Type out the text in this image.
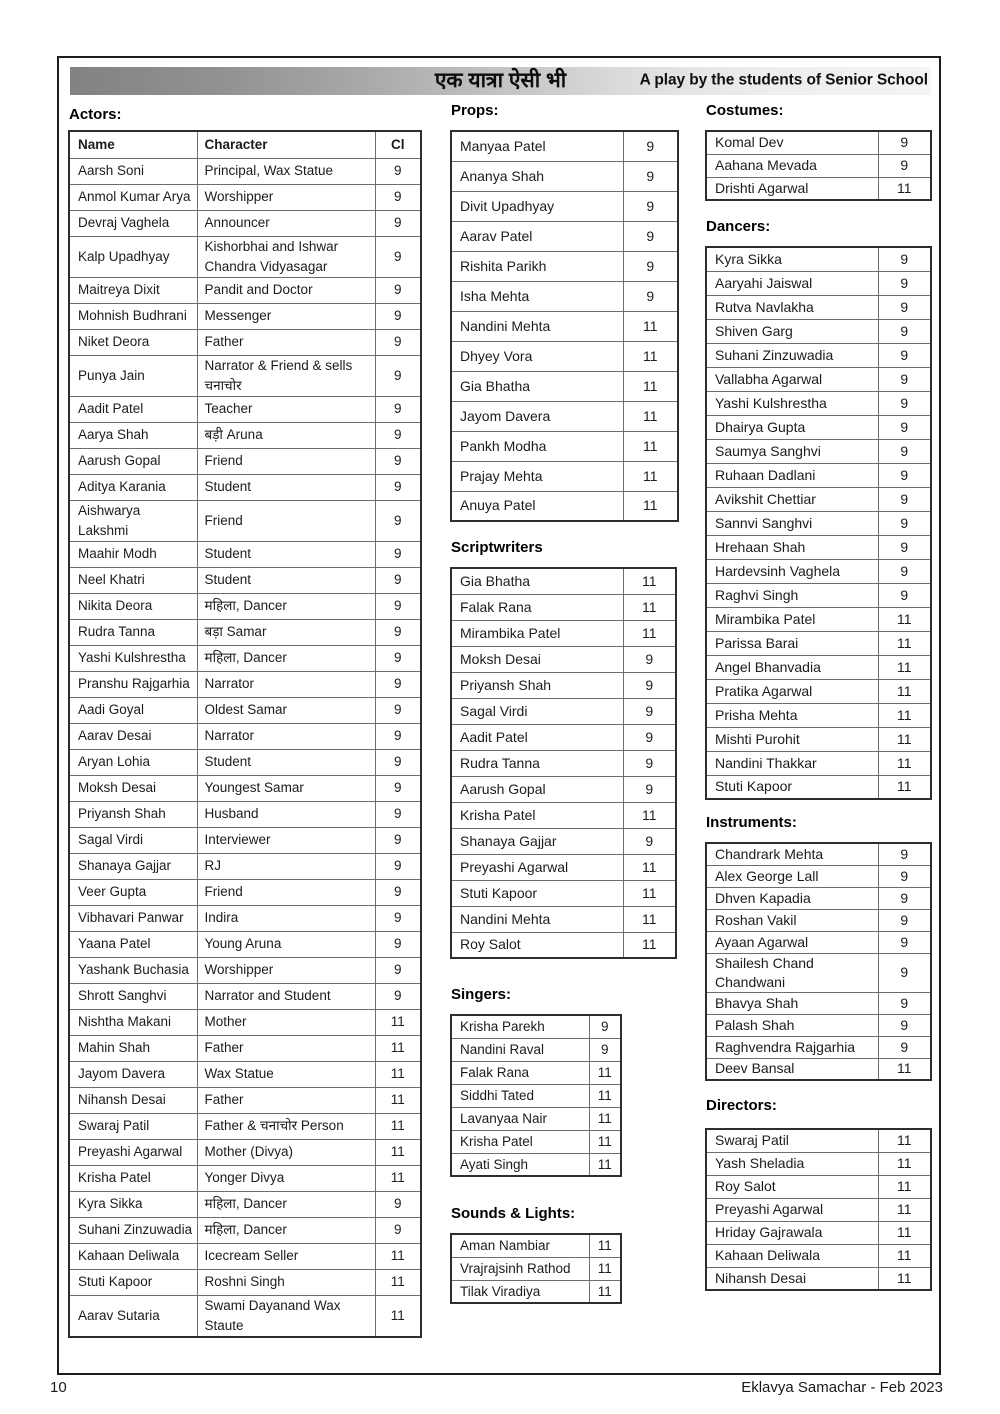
एक यात्रा ऐसी भी	A play by the students of Senior School
Actors:
Name	Character	Cl
Aarsh Soni	Principal, Wax Statue	9
Anmol Kumar Arya	Worshipper	9
Devraj Vaghela	Announcer	9
Kalp Upadhyay	Kishorbhai and Ishwar Chandra Vidyasagar	9
Maitreya Dixit	Pandit and Doctor	9
Mohnish Budhrani	Messenger	9
Niket Deora	Father	9
Punya Jain	Narrator & Friend & sells चनाचोर	9
Aadit Patel	Teacher	9
Aarya Shah	बड़ी Aruna	9
Aarush Gopal	Friend	9
Aditya Karania	Student	9
Aishwarya Lakshmi	Friend	9
Maahir Modh	Student	9
Neel Khatri	Student	9
Nikita Deora	महिला, Dancer	9
Rudra Tanna	बड़ा Samar	9
Yashi Kulshrestha	महिला, Dancer	9
Pranshu Rajgarhia	Narrator	9
Aadi Goyal	Oldest Samar	9
Aarav Desai	Narrator	9
Aryan Lohia	Student	9
Moksh Desai	Youngest Samar	9
Priyansh Shah	Husband	9
Sagal Virdi	Interviewer	9
Shanaya Gajjar	RJ	9
Veer Gupta	Friend	9
Vibhavari Panwar	Indira	9
Yaana Patel	Young Aruna	9
Yashank Buchasia	Worshipper	9
Shrott Sanghvi	Narrator and Student	9
Nishtha Makani	Mother	11
Mahin Shah	Father	11
Jayom Davera	Wax Statue	11
Nihansh Desai	Father	11
Swaraj Patil	Father & चनाचोर Person	11
Preyashi Agarwal	Mother (Divya)	11
Krisha Patel	Yonger Divya	11
Kyra Sikka	महिला, Dancer	9
Suhani Zinzuwadia	महिला, Dancer	9
Kahaan Deliwala	Icecream Seller	11
Stuti Kapoor	Roshni Singh	11
Aarav Sutaria	Swami Dayanand Wax Staute	11
Props:
Manyaa Patel	9
Ananya Shah	9
Divit Upadhyay	9
Aarav Patel	9
Rishita Parikh	9
Isha Mehta	9
Nandini Mehta	11
Dhyey Vora	11
Gia Bhatha	11
Jayom Davera	11
Pankh Modha	11
Prajay Mehta	11
Anuya Patel	11
Scriptwriters
Gia Bhatha	11
Falak Rana	11
Mirambika Patel	11
Moksh Desai	9
Priyansh Shah	9
Sagal Virdi	9
Aadit Patel	9
Rudra Tanna	9
Aarush Gopal	9
Krisha Patel	11
Shanaya Gajjar	9
Preyashi Agarwal	11
Stuti Kapoor	11
Nandini Mehta	11
Roy Salot	11
Singers:
Krisha Parekh	9
Nandini Raval	9
Falak Rana	11
Siddhi Tated	11
Lavanyaa Nair	11
Krisha Patel	11
Ayati Singh	11
Sounds & Lights:
Aman Nambiar	11
Vrajrajsinh Rathod	11
Tilak Viradiya	11
Costumes:
Komal Dev	9
Aahana Mevada	9
Drishti Agarwal	11
Dancers:
Kyra Sikka	9
Aaryahi Jaiswal	9
Rutva Navlakha	9
Shiven Garg	9
Suhani Zinzuwadia	9
Vallabha Agarwal	9
Yashi Kulshrestha	9
Dhairya Gupta	9
Saumya Sanghvi	9
Ruhaan Dadlani	9
Avikshit Chettiar	9
Sannvi Sanghvi	9
Hrehaan Shah	9
Hardevsinh Vaghela	9
Raghvi Singh	9
Mirambika Patel	11
Parissa Barai	11
Angel Bhanvadia	11
Pratika Agarwal	11
Prisha Mehta	11
Mishti Purohit	11
Nandini Thakkar	11
Stuti Kapoor	11
Instruments:
Chandrark Mehta	9
Alex George Lall	9
Dhven Kapadia	9
Roshan Vakil	9
Ayaan Agarwal	9
Shailesh Chand Chandwani	9
Bhavya Shah	9
Palash Shah	9
Raghvendra Rajgarhia	9
Deev Bansal	11
Directors:
Swaraj Patil	11
Yash Sheladia	11
Roy Salot	11
Preyashi Agarwal	11
Hriday Gajrawala	11
Kahaan Deliwala	11
Nihansh Desai	11
10	Eklavya Samachar - Feb 2023
